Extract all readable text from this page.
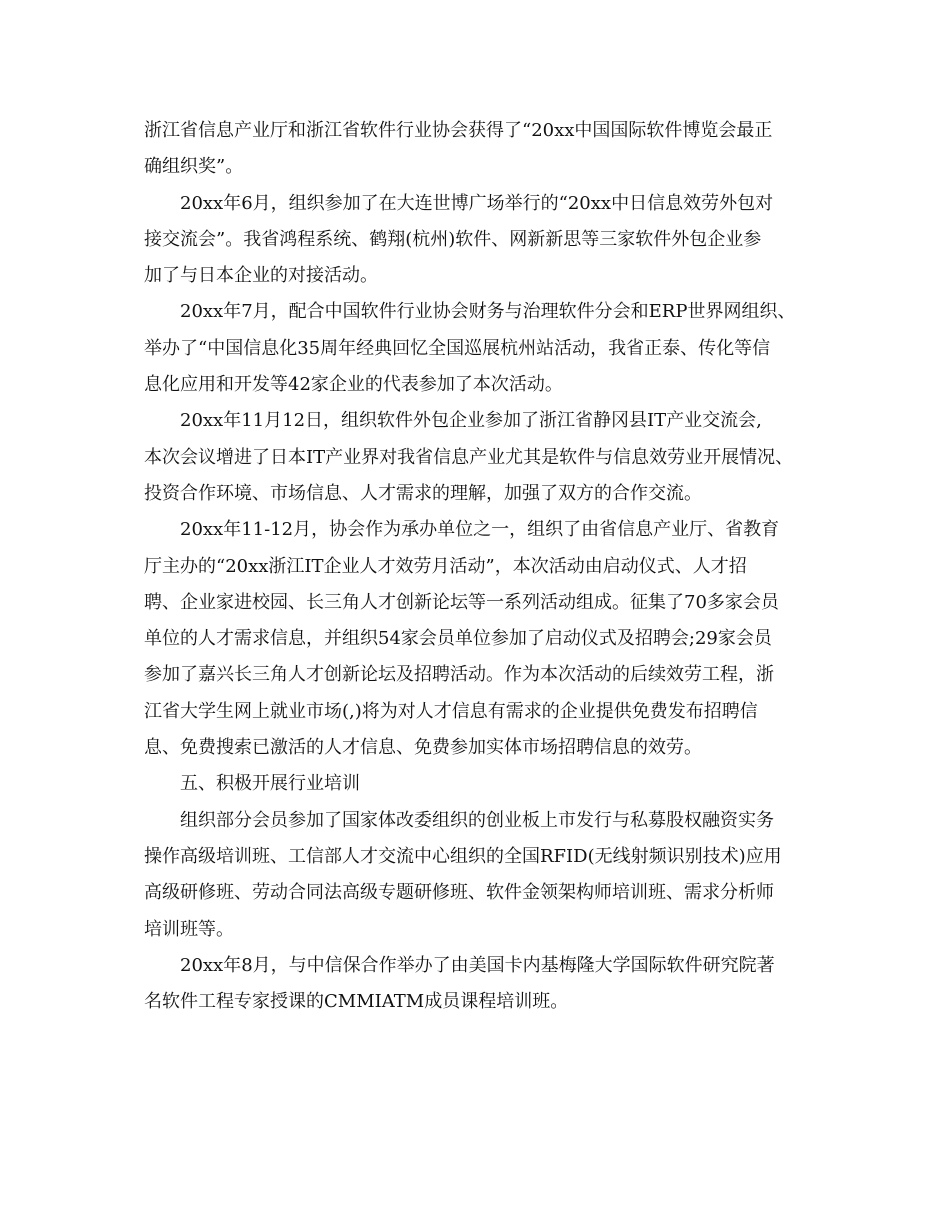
浙江省信息产业厅和浙江省软件行业协会获得了“20xx中国国际软件博览会最正

确组织奖”。

20xx年6月，组织参加了在大连世博广场举行的“20xx中日信息效劳外包对

接交流会”。我省鸿程系统、鹤翔(杭州)软件、网新新思等三家软件外包企业参

加了与日本企业的对接活动。

20xx年7月，配合中国软件行业协会财务与治理软件分会和ERP世界网组织、

举办了“中国信息化35周年经典回忆全国巡展杭州站活动，我省正泰、传化等信

息化应用和开发等42家企业的代表参加了本次活动。

20xx年11月12日，组织软件外包企业参加了浙江省静冈县IT产业交流会,

本次会议增进了日本IT产业界对我省信息产业尤其是软件与信息效劳业开展情况、

投资合作环境、市场信息、人才需求的理解，加强了双方的合作交流。

20xx年11-12月，协会作为承办单位之一，组织了由省信息产业厅、省教育

厅主办的“20xx浙江IT企业人才效劳月活动”，本次活动由启动仪式、人才招

聘、企业家进校园、长三角人才创新论坛等一系列活动组成。征集了70多家会员

单位的人才需求信息，并组织54家会员单位参加了启动仪式及招聘会;29家会员

参加了嘉兴长三角人才创新论坛及招聘活动。作为本次活动的后续效劳工程，浙

江省大学生网上就业市场(,)将为对人才信息有需求的企业提供免费发布招聘信

息、免费搜索已激活的人才信息、免费参加实体市场招聘信息的效劳。

五、积极开展行业培训

组织部分会员参加了国家体改委组织的创业板上市发行与私募股权融资实务

操作高级培训班、工信部人才交流中心组织的全国RFID(无线射频识别技术)应用

高级研修班、劳动合同法高级专题研修班、软件金领架构师培训班、需求分析师

培训班等。

20xx年8月，与中信保合作举办了由美国卡内基梅隆大学国际软件研究院著

名软件工程专家授课的CMMIATM成员课程培训班。
